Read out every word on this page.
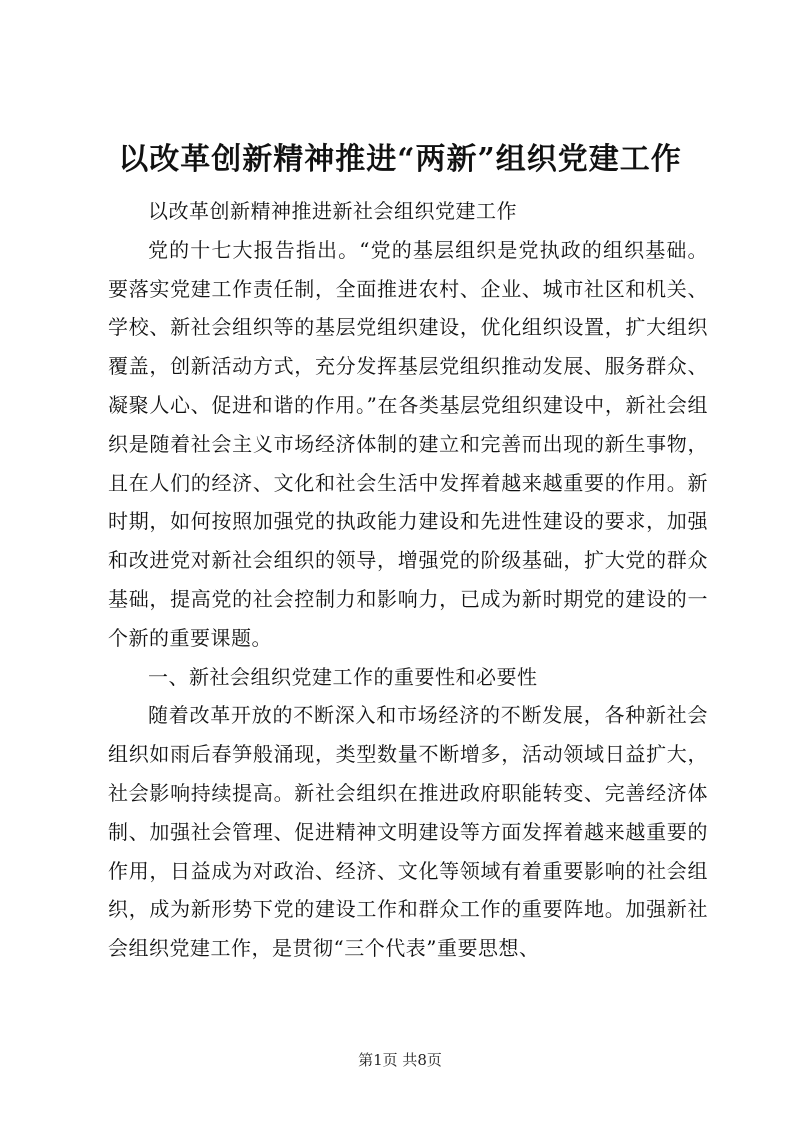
以改革创新精神推进“两新”组织党建工作

以改革创新精神推进新社会组织党建工作

党的十七大报告指出。“党的基层组织是党执政的组织基础。要落实党建工作责任制，全面推进农村、企业、城市社区和机关、学校、新社会组织等的基层党组织建设，优化组织设置，扩大组织覆盖，创新活动方式，充分发挥基层党组织推动发展、服务群众、凝聚人心、促进和谐的作用。”在各类基层党组织建设中，新社会组织是随着社会主义市场经济体制的建立和完善而出现的新生事物，且在人们的经济、文化和社会生活中发挥着越来越重要的作用。新时期，如何按照加强党的执政能力建设和先进性建设的要求，加强和改进党对新社会组织的领导，增强党的阶级基础，扩大党的群众基础，提高党的社会控制力和影响力，已成为新时期党的建设的一个新的重要课题。

一、新社会组织党建工作的重要性和必要性

随着改革开放的不断深入和市场经济的不断发展，各种新社会组织如雨后春笋般涌现，类型数量不断增多，活动领域日益扩大，社会影响持续提高。新社会组织在推进政府职能转变、完善经济体制、加强社会管理、促进精神文明建设等方面发挥着越来越重要的作用，日益成为对政治、经济、文化等领域有着重要影响的社会组织，成为新形势下党的建设工作和群众工作的重要阵地。加强新社会组织党建工作，是贯彻“三个代表”重要思想、

第1页 共8页
